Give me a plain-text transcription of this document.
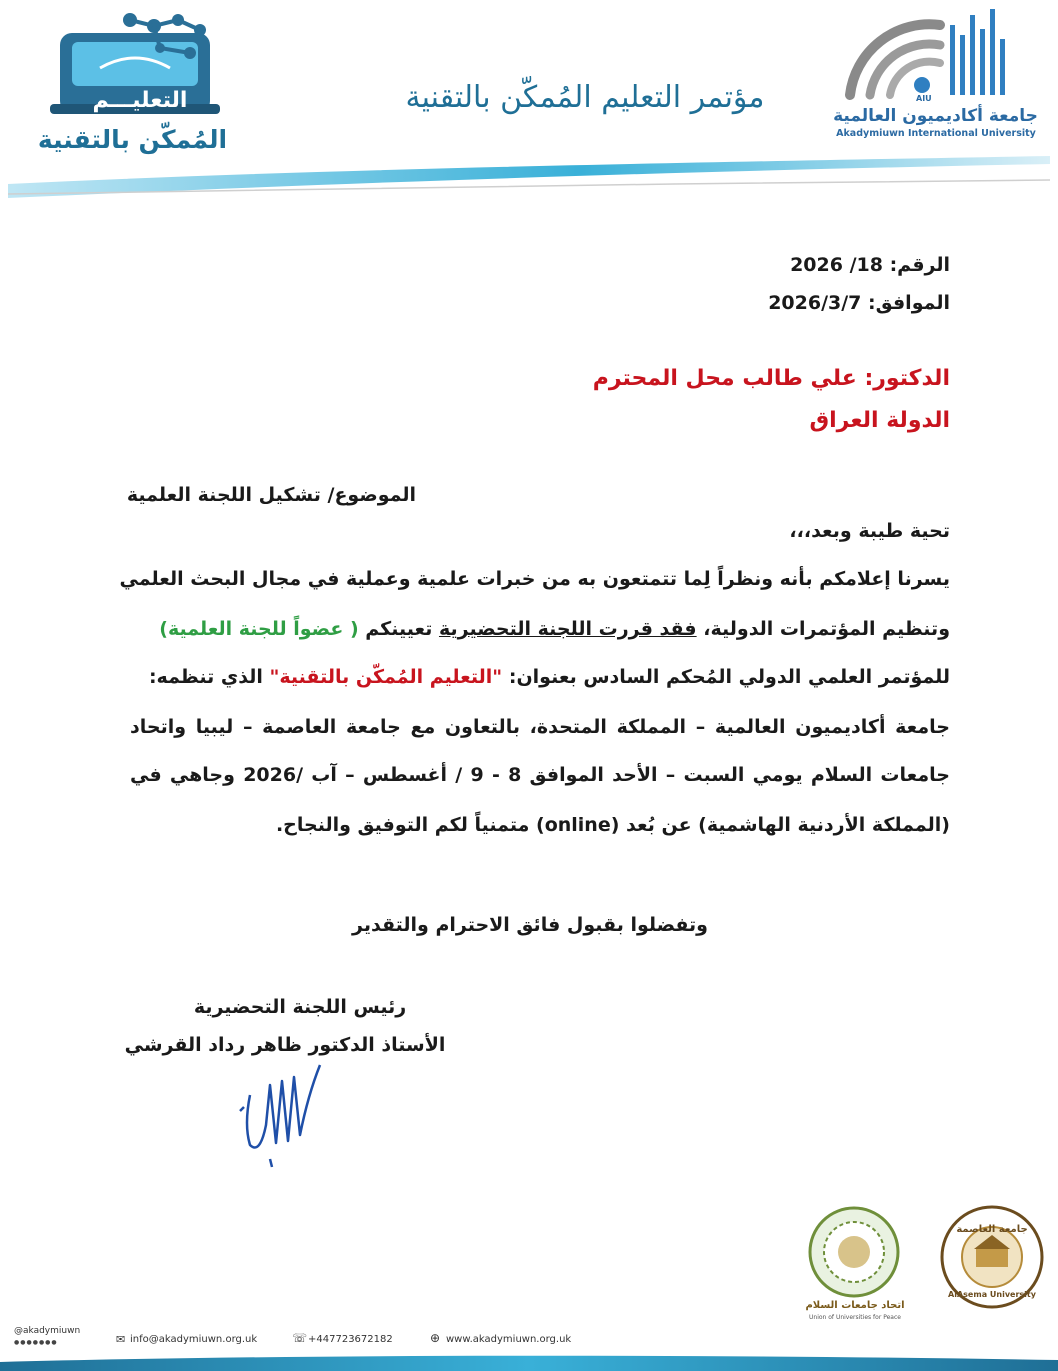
التعليـــم
المُمكّن بالتقنية
مؤتمر التعليم المُمكّن بالتقنية	AIU
جامعة أكاديميون العالمية
Akadymiuwn International University
الرقم: 18/ 2026
الموافق: 2026/3/7
الدكتور: علي طالب محل المحترم
الدولة العراق
الموضوع/ تشكيل اللجنة العلمية
تحية طيبة وبعد،،،
يسرنا إعلامكم بأنه ونظراً لِما تتمتعون به من خبرات علمية وعملية في مجال البحث العلمي
وتنظيم المؤتمرات الدولية، فقد قررت اللجنة التحضيرية تعيينكم ( عضواً للجنة العلمية)
للمؤتمر العلمي الدولي المُحكم السادس بعنوان: "التعليم المُمكّن بالتقنية" الذي تنظمه:
جامعة أكاديميون العالمية – المملكة المتحدة، بالتعاون مع جامعة العاصمة – ليبيا واتحاد
جامعات السلام يومي السبت – الأحد الموافق 8 - 9 / أغسطس – آب /2026 وجاهي في
(المملكة الأردنية الهاشمية) عن بُعد (online) متمنياً لكم التوفيق والنجاح.
وتفضلوا بقبول فائق الاحترام والتقدير
رئيس اللجنة التحضيرية
الأستاذ الدكتور ظاهر رداد القرشي
اتحاد جامعات السلام
Union of Universities for Peace
جامعة العاصمة
AlAsema University
@akadymiuwn
●●●●●●●	✉ info@akadymiuwn.org.uk	☏ +447723672182	⊕ www.akadymiuwn.org.uk
